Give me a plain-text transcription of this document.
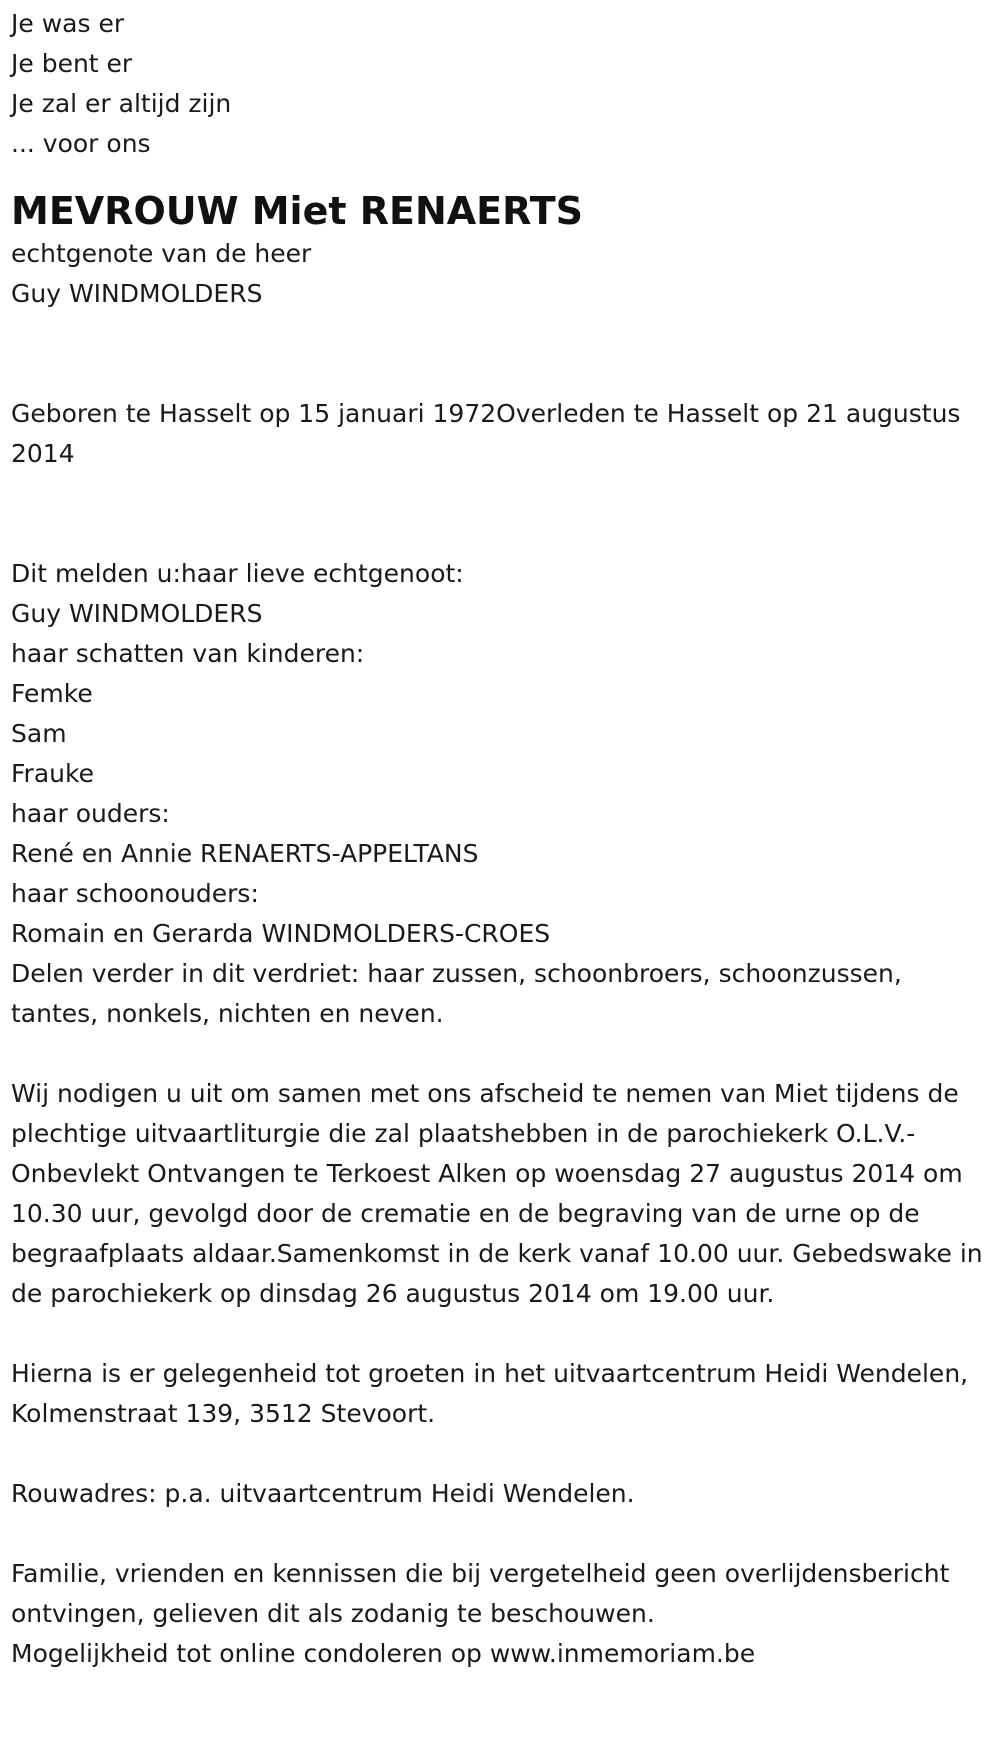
Je was er

Je bent er

Je zal er altijd zijn

... voor ons

MEVROUW Miet RENAERTS

echtgenote van de heer

Guy WINDMOLDERS

Geboren te Hasselt op 15 januari 1972Overleden te Hasselt op 21 augustus 2014

Dit melden u:haar lieve echtgenoot:

Guy WINDMOLDERS

haar schatten van kinderen:

Femke

Sam

Frauke

haar ouders:

René en Annie RENAERTS-APPELTANS

haar schoonouders:

Romain en Gerarda WINDMOLDERS-CROES

Delen verder in dit verdriet: haar zussen, schoonbroers, schoonzussen, tantes, nonkels, nichten en neven.

Wij nodigen u uit om samen met ons afscheid te nemen van Miet tijdens de plechtige uitvaartliturgie die zal plaatshebben in de parochiekerk O.L.V.-Onbevlekt Ontvangen te Terkoest Alken op woensdag 27 augustus 2014 om 10.30 uur, gevolgd door de crematie en de begraving van de urne op de begraafplaats aldaar.Samenkomst in de kerk vanaf 10.00 uur. Gebedswake in de parochiekerk op dinsdag 26 augustus 2014 om 19.00 uur.

Hierna is er gelegenheid tot groeten in het uitvaartcentrum Heidi Wendelen, Kolmenstraat 139, 3512 Stevoort.

Rouwadres: p.a. uitvaartcentrum Heidi Wendelen.

Familie, vrienden en kennissen die bij vergetelheid geen overlijdensbericht ontvingen, gelieven dit als zodanig te beschouwen.

Mogelijkheid tot online condoleren op www.inmemoriam.be
